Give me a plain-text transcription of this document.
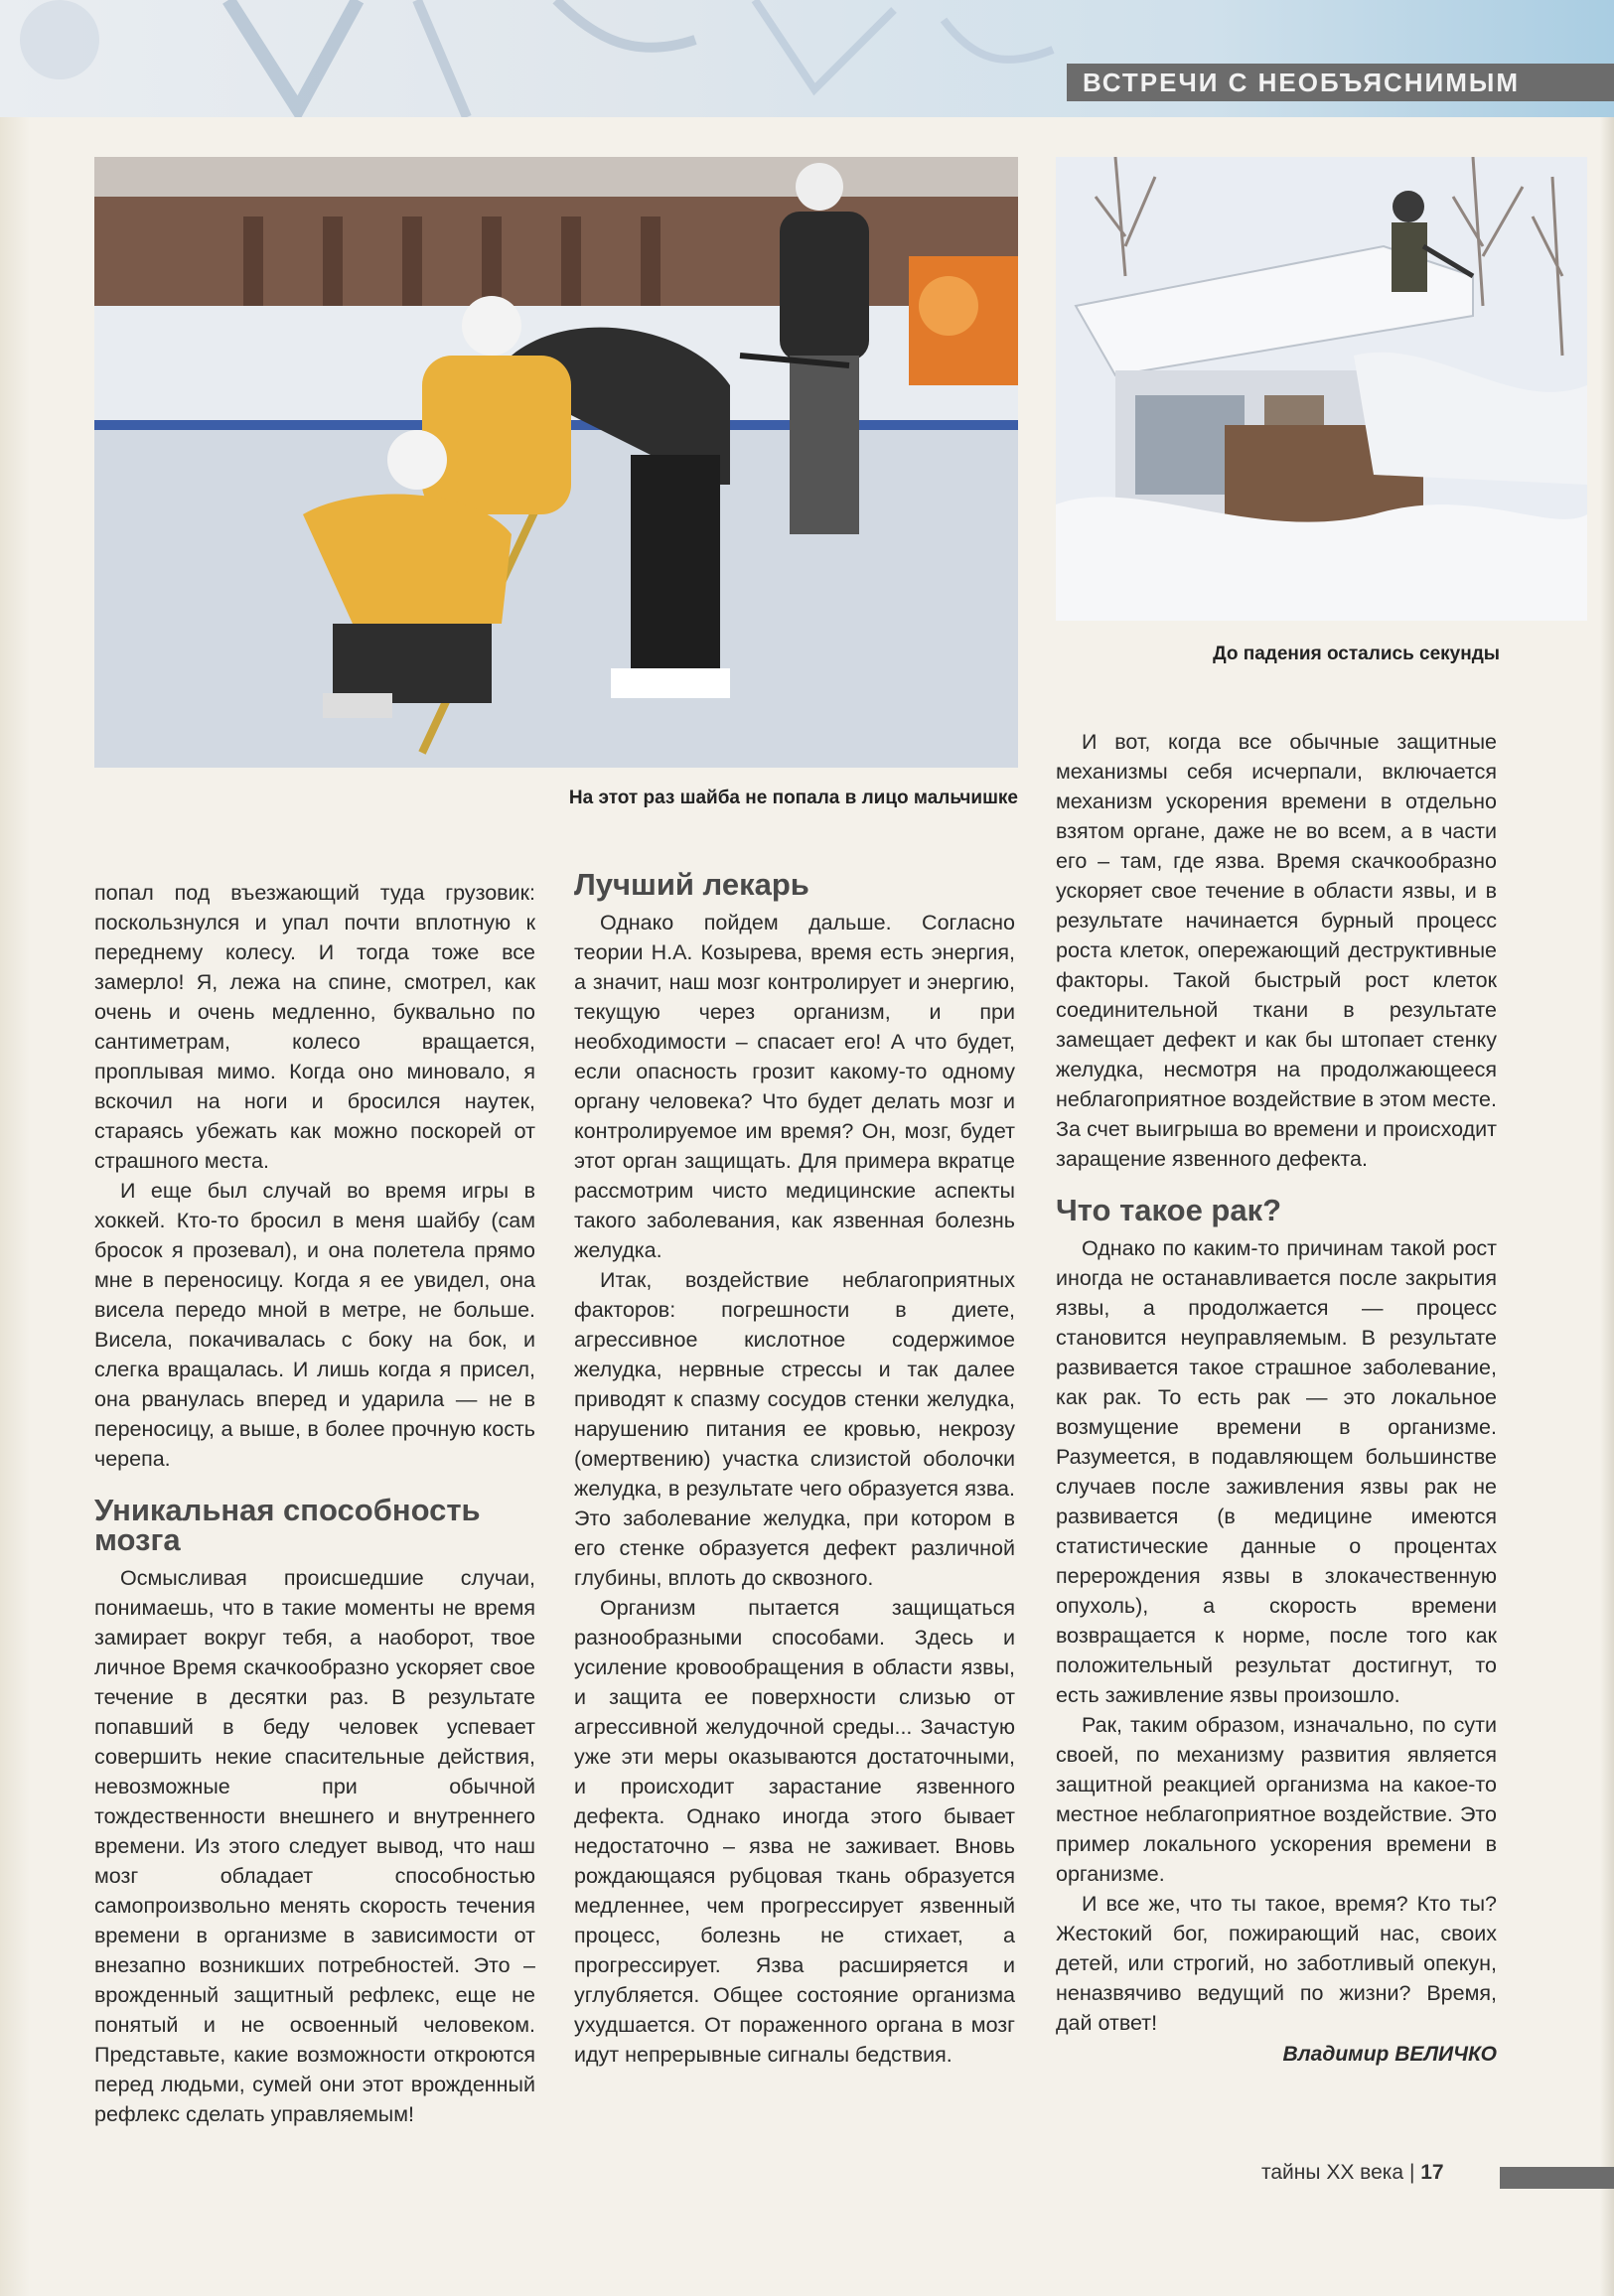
ВСТРЕЧИ С НЕОБЪЯСНИМЫМ
На этот раз шайба не попала в лицо мальчишке
До падения остались секунды

попал под въезжающий туда грузовик: поскользнулся и упал почти вплотную к переднему колесу. И тогда тоже все замерло! Я, лежа на спине, смотрел, как очень и очень медленно, буквально по сантиметрам, колесо вращается, проплывая мимо. Когда оно миновало, я вскочил на ноги и бросился наутек, стараясь убежать как можно поскорей от страшного места.

И еще был случай во время игры в хоккей. Кто-то бросил в меня шайбу (сам бросок я прозевал), и она полетела прямо мне в переносицу. Когда я ее увидел, она висела передо мной в метре, не больше. Висела, покачивалась с боку на бок, и слегка вращалась. И лишь когда я присел, она рванулась вперед и ударила — не в переносицу, а выше, в более прочную кость черепа.

Уникальная способность мозга

Осмысливая происшедшие случаи, понимаешь, что в такие моменты не время замирает вокруг тебя, а наоборот, твое личное Время скачкообразно ускоряет свое течение в десятки раз. В результате попавший в беду человек успевает совершить некие спасительные действия, невозможные при обычной тождественности внешнего и внутреннего времени. Из этого следует вывод, что наш мозг обладает способностью самопроизвольно менять скорость течения времени в организме в зависимости от внезапно возникших потребностей. Это – врожденный защитный рефлекс, еще не понятый и не освоенный человеком. Представьте, какие возможности откроются перед людьми, сумей они этот врожденный рефлекс сделать управляемым!

Лучший лекарь

Однако пойдем дальше. Согласно теории Н.А. Козырева, время есть энергия, а значит, наш мозг контролирует и энергию, текущую через организм, и при необходимости – спасает его! А что будет, если опасность грозит какому-то одному органу человека? Что будет делать мозг и контролируемое им время? Он, мозг, будет этот орган защищать. Для примера вкратце рассмотрим чисто медицинские аспекты такого заболевания, как язвенная болезнь желудка.

Итак, воздействие неблагоприятных факторов: погрешности в диете, агрессивное кислотное содержимое желудка, нервные стрессы и так далее приводят к спазму сосудов стенки желудка, нарушению питания ее кровью, некрозу (омертвению) участка слизистой оболочки желудка, в результате чего образуется язва. Это заболевание желудка, при котором в его стенке образуется дефект различной глубины, вплоть до сквозного.

Организм пытается защищаться разнообразными способами. Здесь и усиление кровообращения в области язвы, и защита ее поверхности слизью от агрессивной желудочной среды... Зачастую уже эти меры оказываются достаточными, и происходит зарастание язвенного дефекта. Однако иногда этого бывает недостаточно – язва не заживает. Вновь рождающаяся рубцовая ткань образуется медленнее, чем прогрессирует язвенный процесс, болезнь не стихает, а прогрессирует. Язва расширяется и углубляется. Общее состояние организма ухудшается. От пораженного органа в мозг идут непрерывные сигналы бедствия.

И вот, когда все обычные защитные механизмы себя исчерпали, включается механизм ускорения времени в отдельно взятом органе, даже не во всем, а в части его – там, где язва. Время скачкообразно ускоряет свое течение в области язвы, и в результате начинается бурный процесс роста клеток, опережающий деструктивные факторы. Такой быстрый рост клеток соединительной ткани в результате замещает дефект и как бы штопает стенку желудка, несмотря на продолжающееся неблагоприятное воздействие в этом месте. За счет выигрыша во времени и происходит заращение язвенного дефекта.

Что такое рак?

Однако по каким-то причинам такой рост иногда не останавливается после закрытия язвы, а продолжается — процесс становится неуправляемым. В результате развивается такое страшное заболевание, как рак. То есть рак — это локальное возмущение времени в организме. Разумеется, в подавляющем большинстве случаев после заживления язвы рак не развивается (в медицине имеются статистические данные о процентах перерождения язвы в злокачественную опухоль), а скорость времени возвращается к норме, после того как положительный результат достигнут, то есть заживление язвы произошло.

Рак, таким образом, изначально, по сути своей, по механизму развития является защитной реакцией организма на какое-то местное неблагоприятное воздействие. Это пример локального ускорения времени в организме.

И все же, что ты такое, время? Кто ты? Жестокий бог, пожирающий нас, своих детей, или строгий, но заботливый опекун, неназвячиво ведущий по жизни? Время, дай ответ!

Владимир ВЕЛИЧКО
тайны XX века | 17
